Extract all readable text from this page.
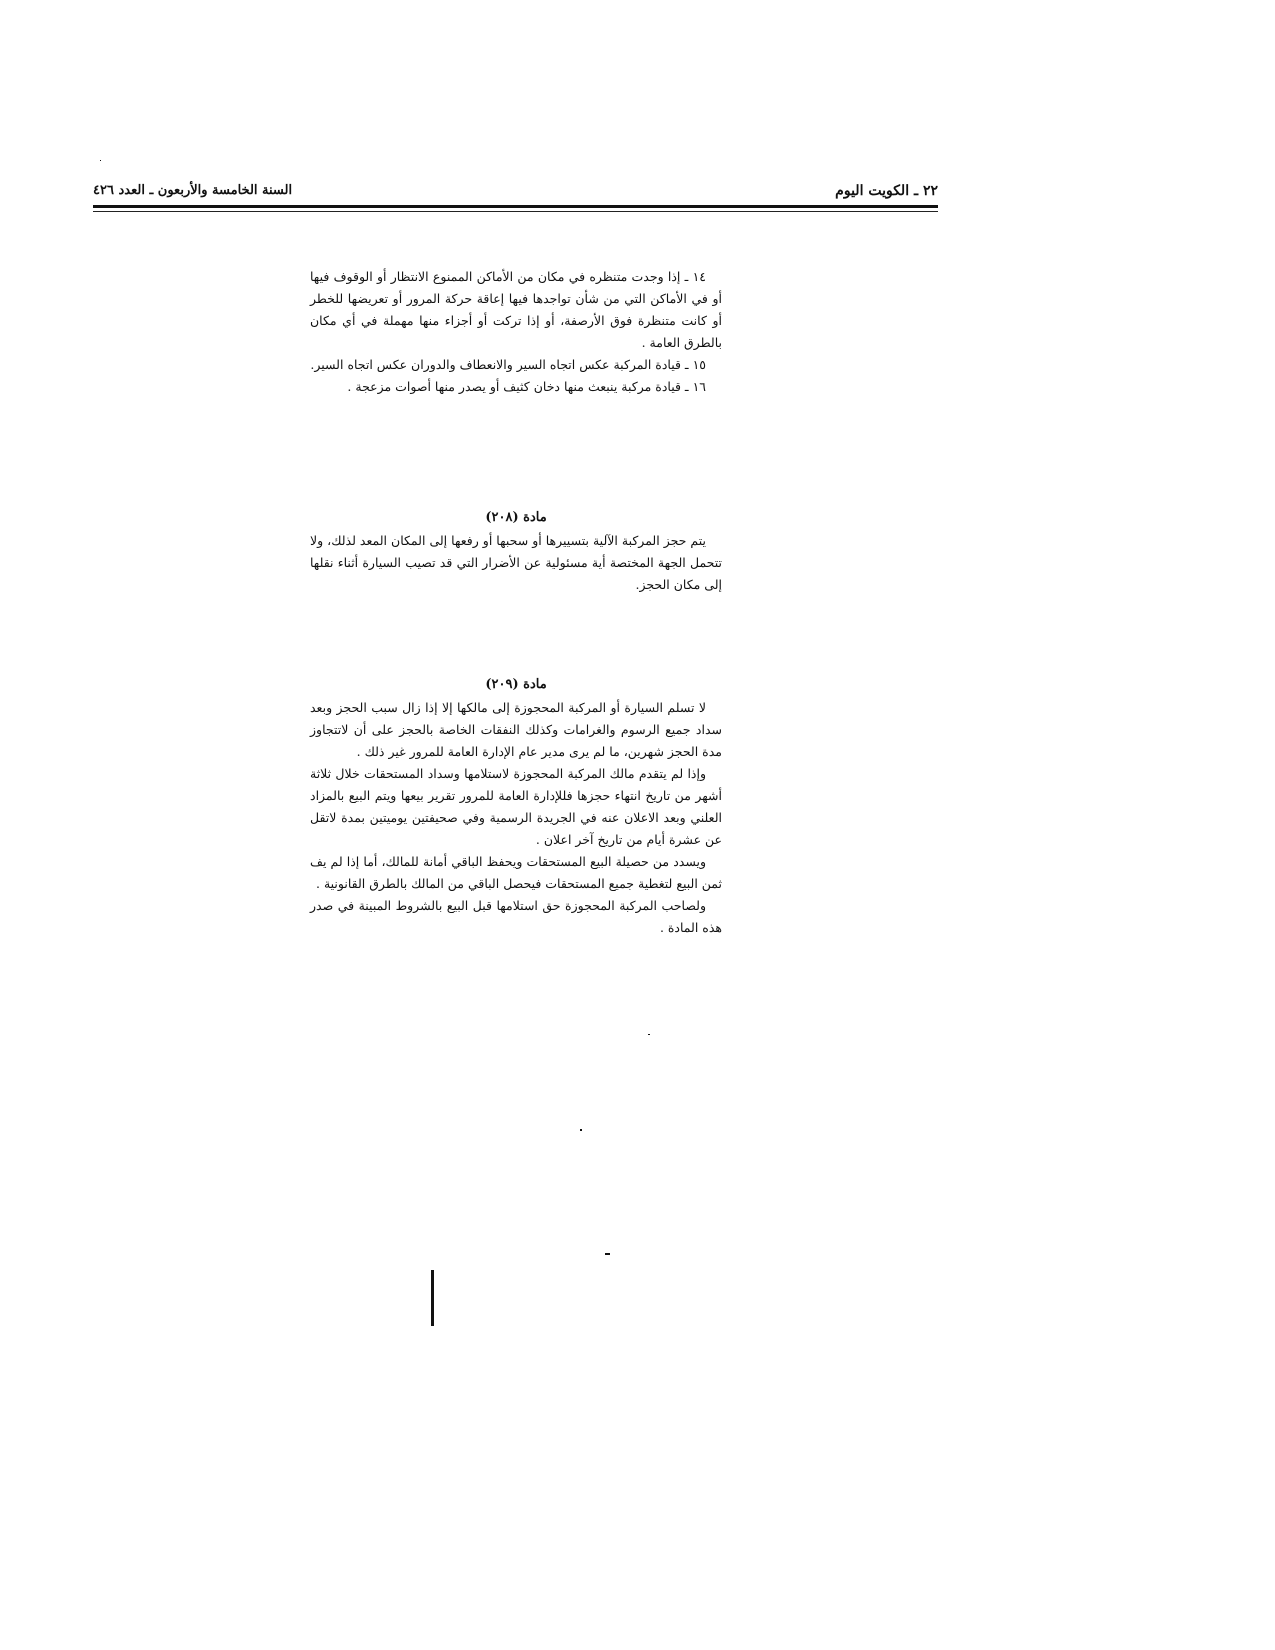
٢٢ ـ الكويت اليوم
السنة الخامسة والأربعون ـ العدد ٤٢٦

١٤ ـ إذا وجدت متنظره في مكان من الأماكن الممنوع الانتظار أو الوقوف فيها أو في الأماكن التي من شأن تواجدها فيها إعاقة حركة المرور أو تعريضها للخطر أو كانت متنظرة فوق الأرصفة، أو إذا تركت أو أجزاء منها مهملة في أي مكان بالطرق العامة .

١٥ ـ قيادة المركبة عكس اتجاه السير والانعطاف والدوران عكس اتجاه السير.

١٦ ـ قيادة مركبة ينبعث منها دخان كثيف أو يصدر منها أصوات مزعجة .

مادة (٢٠٨)

يتم حجز المركبة الآلية بتسييرها أو سحبها أو رفعها إلى المكان المعد لذلك، ولا تتحمل الجهة المختصة أية مسئولية عن الأضرار التي قد تصيب السيارة أثناء نقلها إلى مكان الحجز.

مادة (٢٠٩)

لا تسلم السيارة أو المركبة المحجوزة إلى مالكها إلا إذا زال سبب الحجز وبعد سداد جميع الرسوم والغرامات وكذلك النفقات الخاصة بالحجز على أن لاتتجاوز مدة الحجز شهرين، ما لم يرى مدير عام الإدارة العامة للمرور غير ذلك .

وإذا لم يتقدم مالك المركبة المحجوزة لاستلامها وسداد المستحقات خلال ثلاثة أشهر من تاريخ انتهاء حجزها فللإدارة العامة للمرور تقرير بيعها ويتم البيع بالمزاد العلني وبعد الاعلان عنه في الجريدة الرسمية وفي صحيفتين يوميتين بمدة لاتقل عن عشرة أيام من تاريخ آخر اعلان .

ويسدد من حصيلة البيع المستحقات ويحفظ الباقي أمانة للمالك، أما إذا لم يف ثمن البيع لتغطية جميع المستحقات فيحصل الباقي من المالك بالطرق القانونية .

ولصاحب المركبة المحجوزة حق استلامها قبل البيع بالشروط المبينة في صدر هذه المادة .
